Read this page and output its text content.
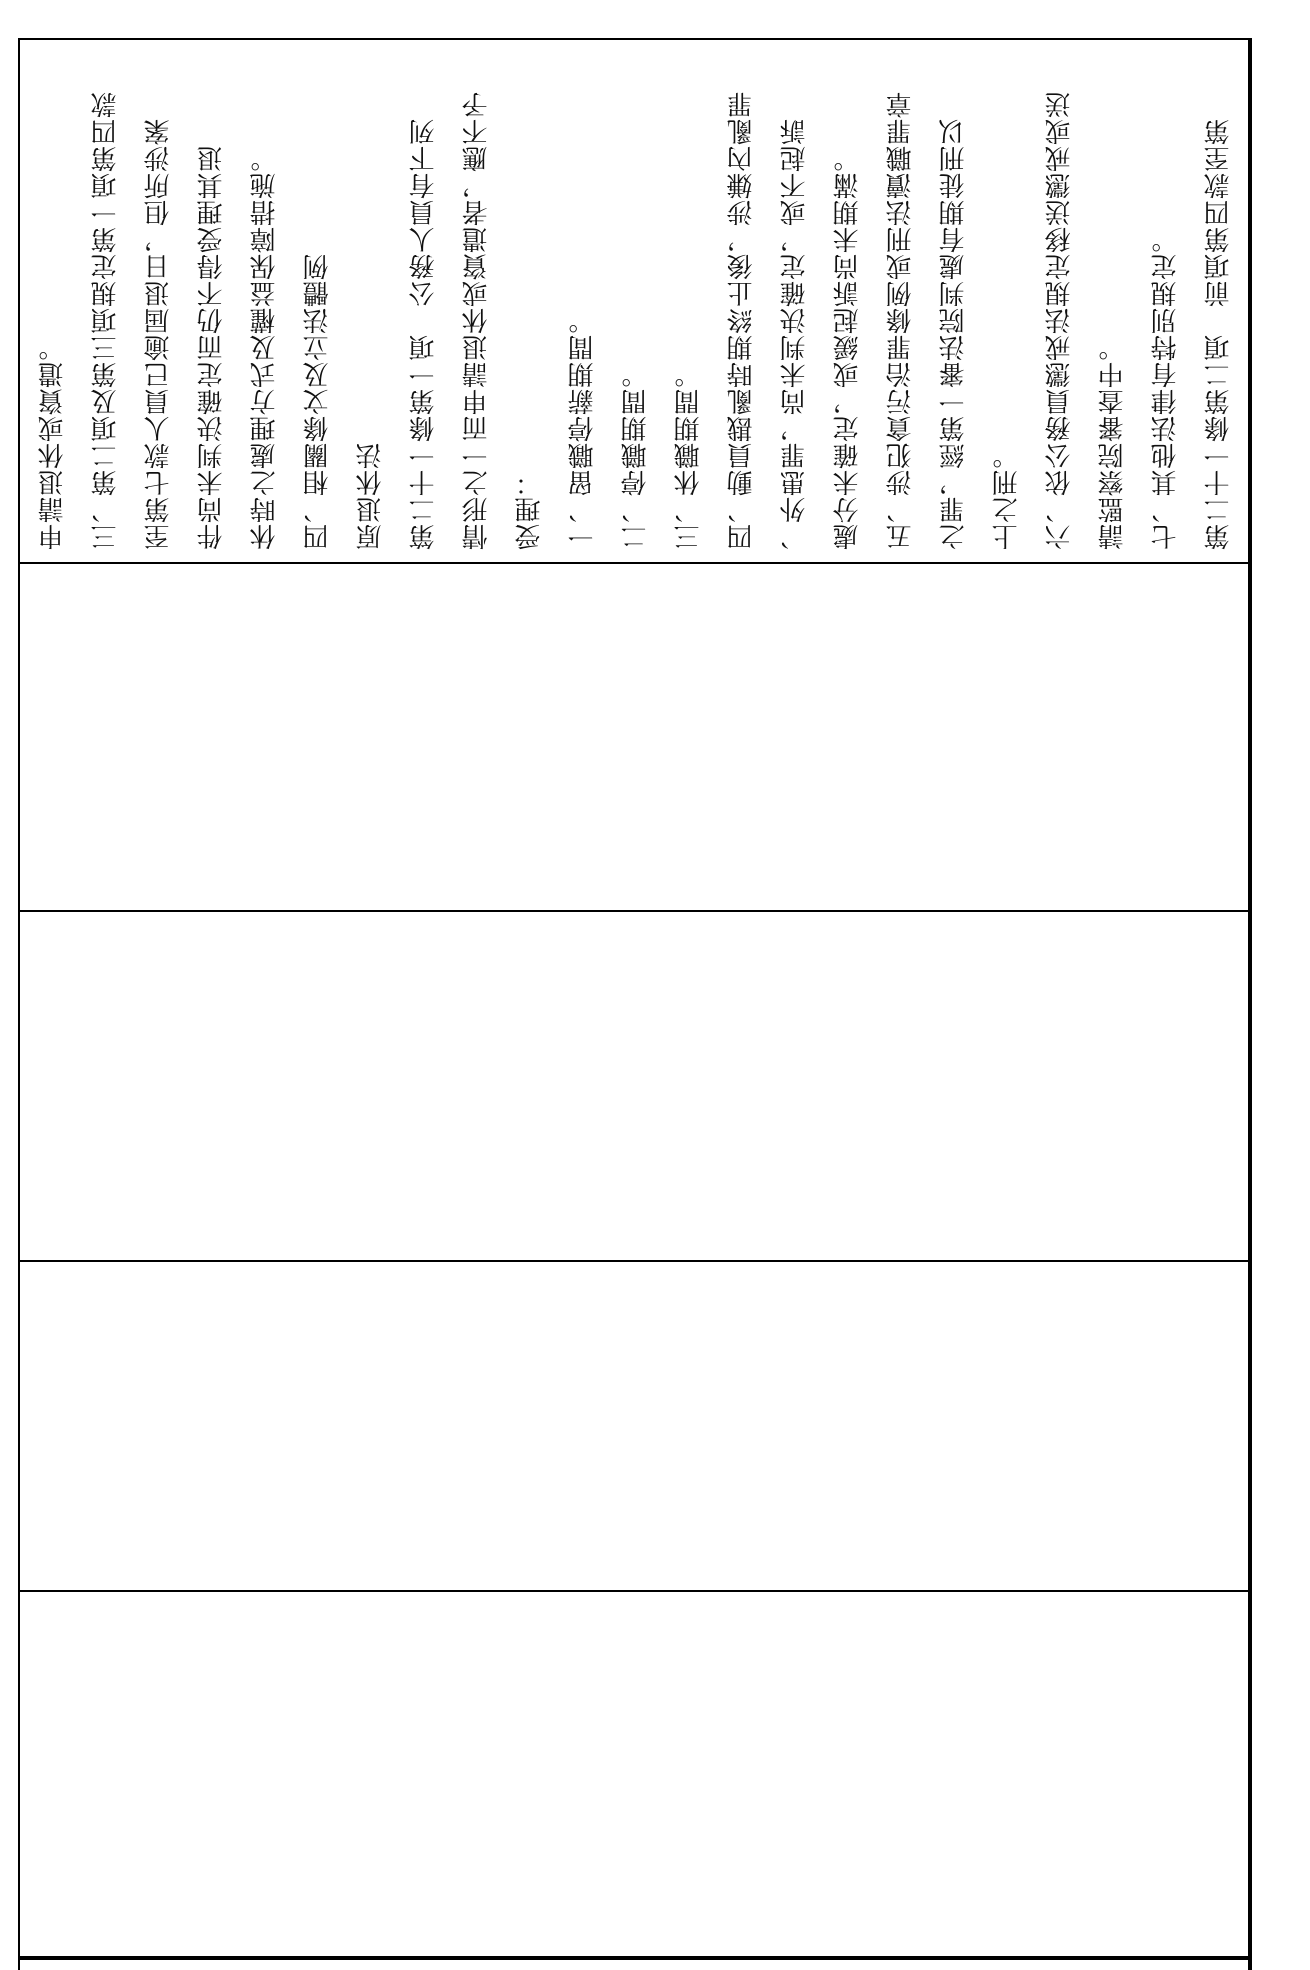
申請退休或資遣。 三、第二項及第三項規定第一項第四款 至第七款人員已逾屆退日，但所涉案 件尚未判決確定而仍不得受理其退 休時之處理方式及權益保障措施。 四、相關條文及立法體例 原退休法 第二十一條第一項　公務人員有下列 情形之一而申請退休或資遣者，應不予 受理： 一、留職停薪期間。 二、停職期間。 三、休職期間。 四、動員戡亂時期終止後，涉嫌內亂罪 、外患罪，尚未判決確定，或不起訴 處分未確定，或緩起訴尚未期滿。 五、涉犯貪污治罪條例或刑法瀆職罪章 之罪，經第一審法院判處有期徒刑以 上之刑。 六、依公務員懲戒法規定移送懲戒或送 請監察院審查中。 七、其他法律有特別規定。 第二十一條第二項　前項第四款至第
